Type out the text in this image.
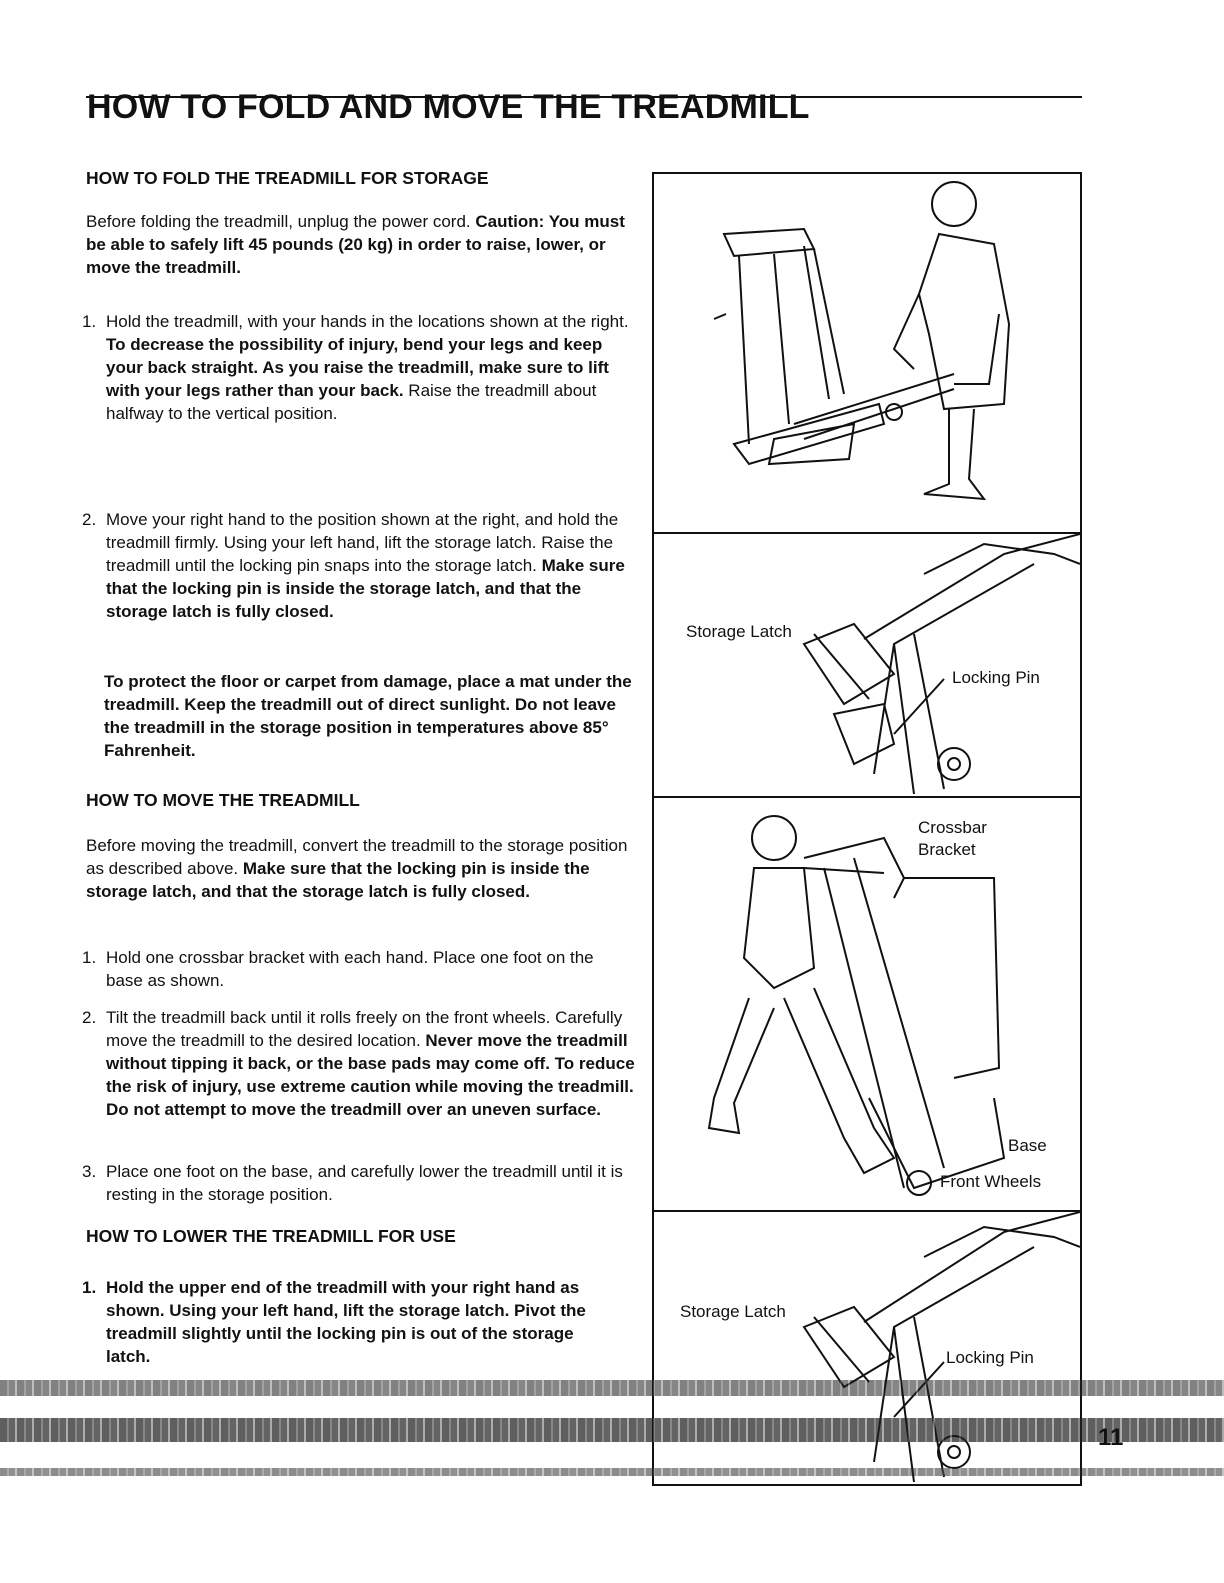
HOW TO FOLD AND MOVE THE TREADMILL
HOW TO FOLD THE TREADMILL FOR STORAGE

Before folding the treadmill, unplug the power cord. Caution: You must be able to safely lift 45 pounds (20 kg) in order to raise, lower, or move the treadmill.

1. Hold the treadmill, with your hands in the locations shown at the right. To decrease the possibility of injury, bend your legs and keep your back straight. As you raise the treadmill, make sure to lift with your legs rather than your back. Raise the treadmill about halfway to the vertical position.
2. Move your right hand to the position shown at the right, and hold the treadmill firmly. Using your left hand, lift the storage latch. Raise the treadmill until the locking pin snaps into the storage latch. Make sure that the locking pin is inside the storage latch, and that the storage latch is fully closed.

To protect the floor or carpet from damage, place a mat under the treadmill. Keep the treadmill out of direct sunlight. Do not leave the treadmill in the storage position in temperatures above 85° Fahrenheit.

HOW TO MOVE THE TREADMILL

Before moving the treadmill, convert the treadmill to the storage position as described above. Make sure that the locking pin is inside the storage latch, and that the storage latch is fully closed.

1. Hold one crossbar bracket with each hand. Place one foot on the base as shown.
2. Tilt the treadmill back until it rolls freely on the front wheels. Carefully move the treadmill to the desired location. Never move the treadmill without tipping it back, or the base pads may come off. To reduce the risk of injury, use extreme caution while moving the treadmill. Do not attempt to move the treadmill over an uneven surface.
3. Place one foot on the base, and carefully lower the treadmill until it is resting in the storage position.
HOW TO LOWER THE TREADMILL FOR USE
1. Hold the upper end of the treadmill with your right hand as shown. Using your left hand, lift the storage latch. Pivot the treadmill slightly until the locking pin is out of the storage latch.
Storage Latch
Locking Pin
Crossbar
Bracket
Base
Front Wheels
Storage Latch
Locking Pin
11
